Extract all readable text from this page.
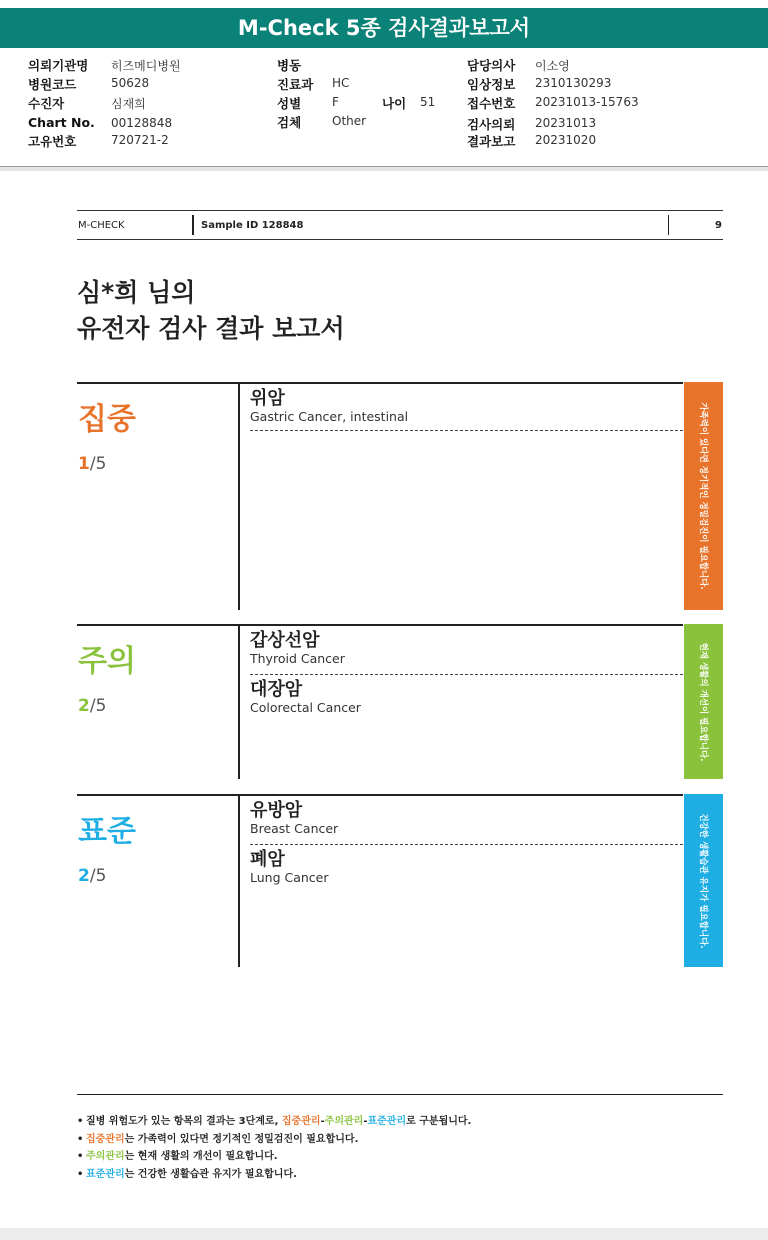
M-Check 5종 검사결과보고서
의뢰기관명 히즈메디병원
병원코드	50628
수진자	심재희
Chart No. 00128848
고유번호	720721-2
병동
진료과 HC
성별	F	나이 51
검체	Other
담당의사 이소영
임상정보 2310130293
접수번호 20231013-15763
검사의뢰 20231013
결과보고 20231020
M-CHECK	Sample ID 128848	9
심*희 님의
유전자 검사 결과 보고서
집중
1/5
위암
Gastric Cancer, intestinal	가족력이 있다면 정기적인 정밀검진이 필요합니다.
주의
2/5
갑상선암
Thyroid Cancer
대장암
Colorectal Cancer	현재 생활의 개선이 필요합니다.
표준
2/5
유방암
Breast Cancer
폐암
Lung Cancer	건강한 생활습관 유지가 필요합니다.
• 질병 위험도가 있는 항목의 결과는 3단계로, 집중관리-주의관리-표준관리로 구분됩니다.
• 집중관리는 가족력이 있다면 정기적인 정밀검진이 필요합니다.
• 주의관리는 현재 생활의 개선이 필요합니다.
• 표준관리는 건강한 생활습관 유지가 필요합니다.
